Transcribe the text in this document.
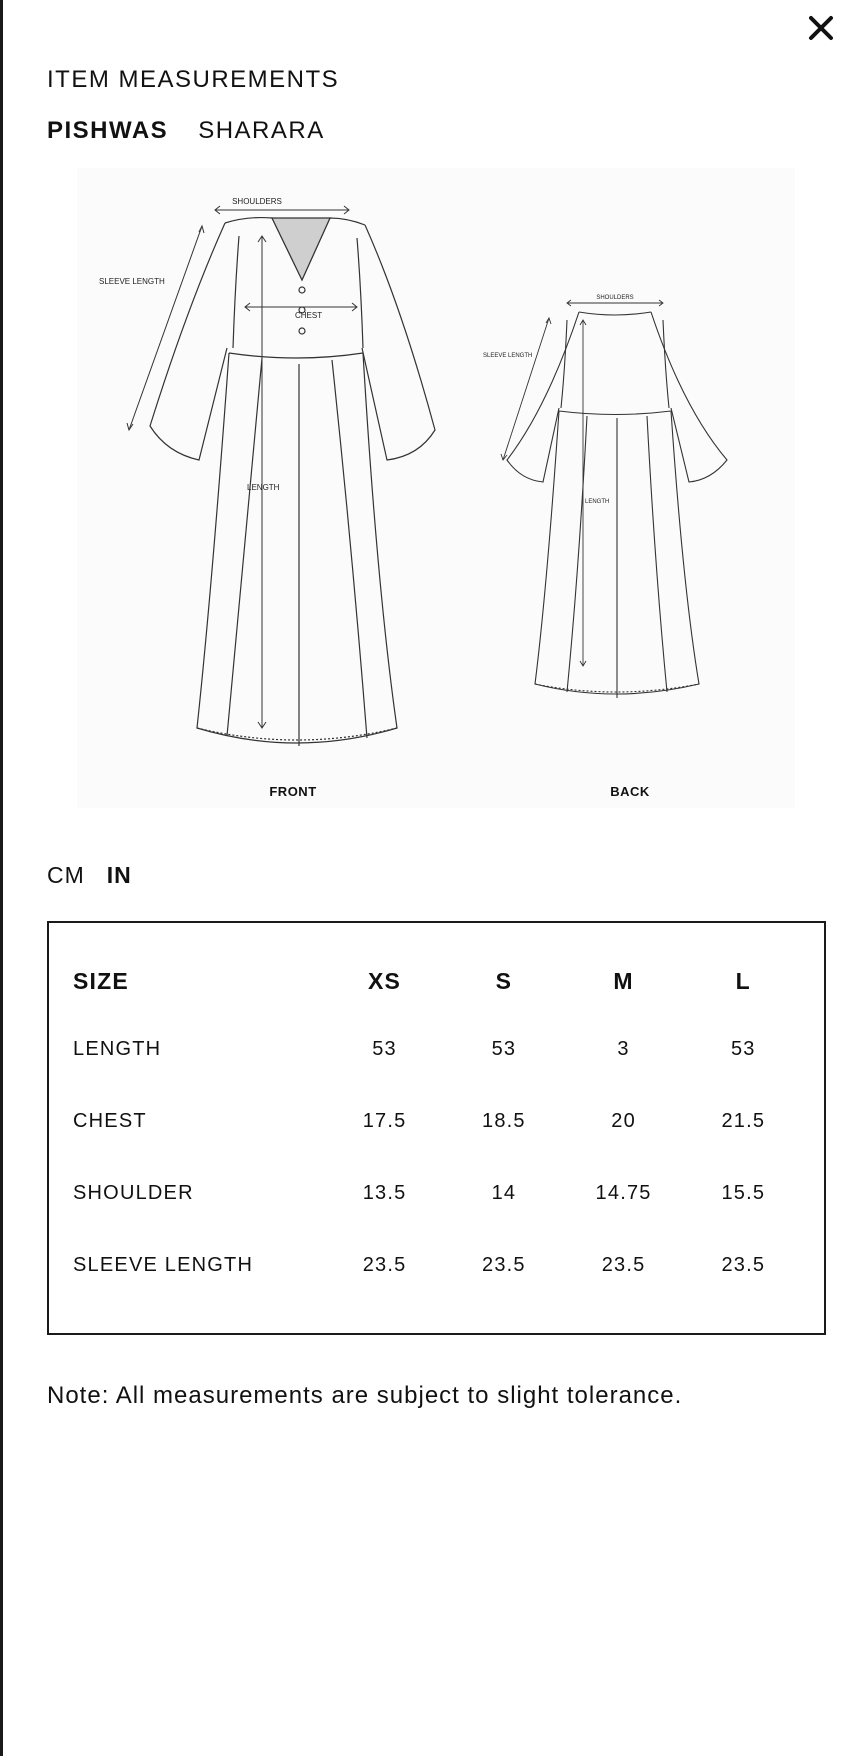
ITEM MEASUREMENTS
PISHWAS SHARARA
SHOULDERS
SLEEVE LENGTH
CHEST
LENGTH
FRONT
SHOULDERS
SLEEVE LENGTH
LENGTH
BACK
CM IN
SIZE	XS	S	M	L
LENGTH	53	53	3	53
CHEST	17.5	18.5	20	21.5
SHOULDER	13.5	14	14.75	15.5
SLEEVE LENGTH	23.5	23.5	23.5	23.5
Note: All measurements are subject to slight tolerance.
